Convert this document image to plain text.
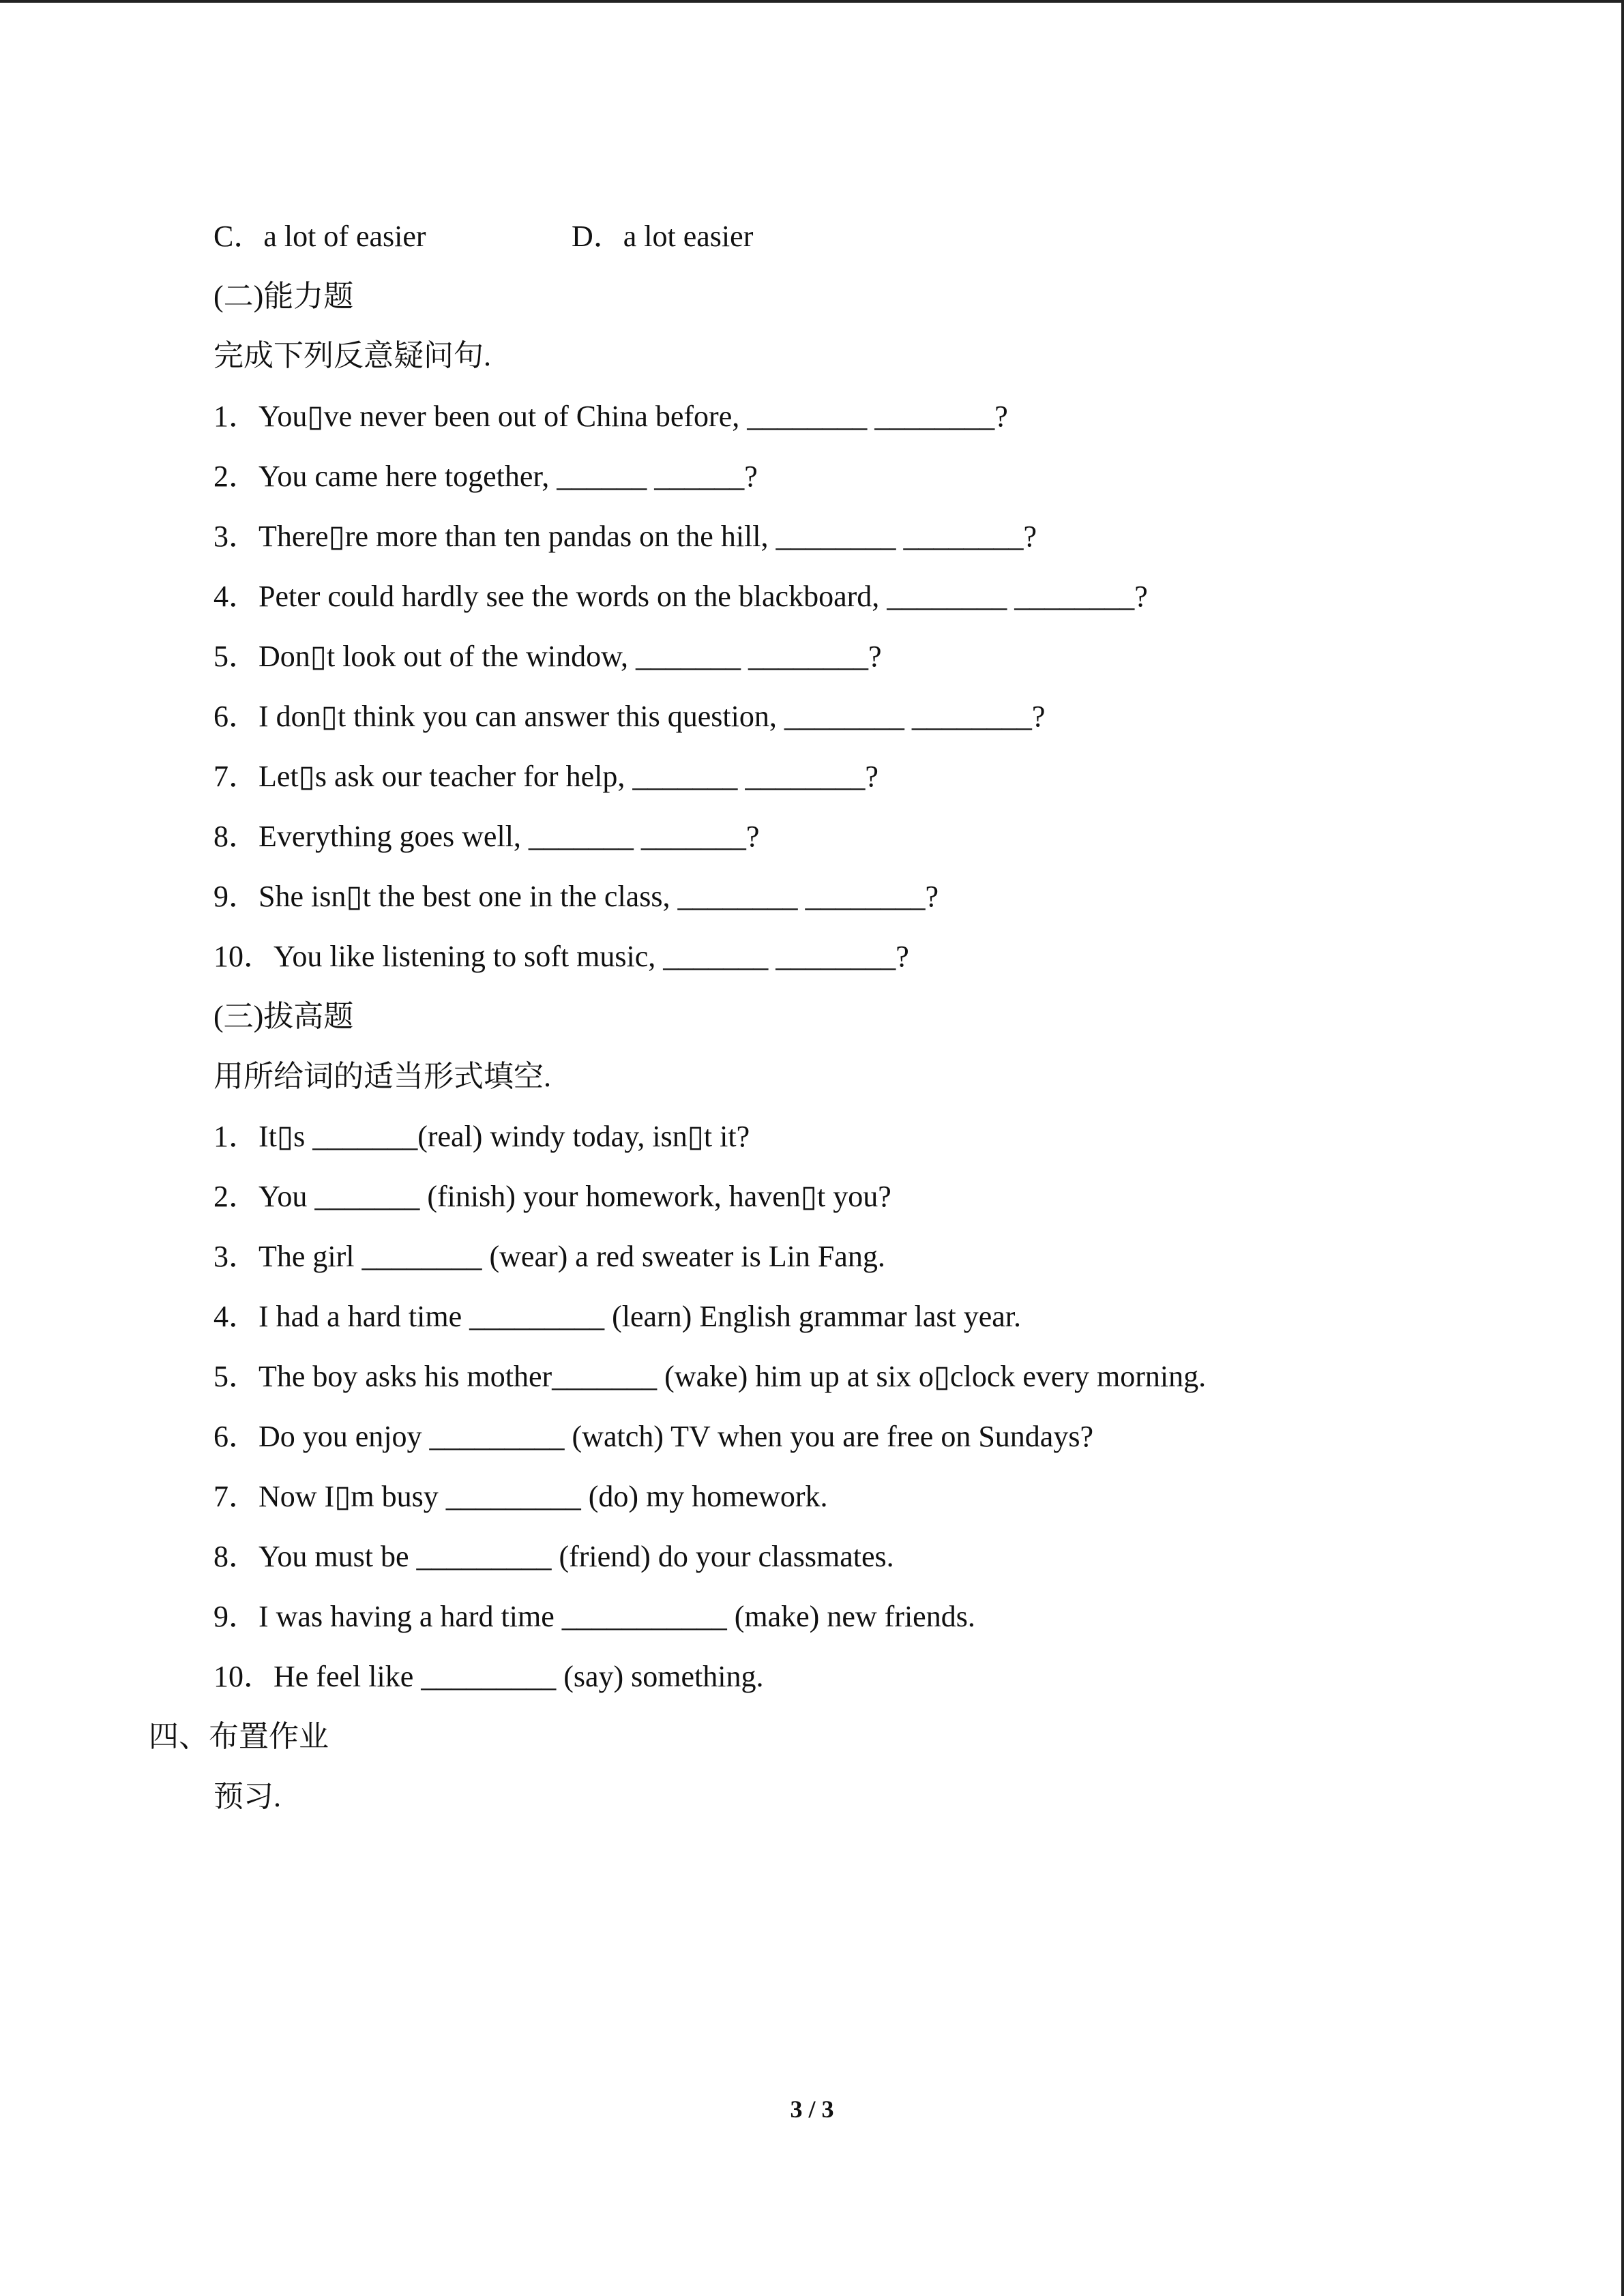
C．a lot of easier	D．a lot easier
(二)能力题
完成下列反意疑问句.
1．You▯ve never been out of China before, ________ ________?
2．You came here together, ______ ______?
3．There▯re more than ten pandas on the hill, ________ ________?
4．Peter could hardly see the words on the blackboard, ________ ________?
5．Don▯t look out of the window, _______ ________?
6．I don▯t think you can answer this question, ________ ________?
7．Let▯s ask our teacher for help, _______ ________?
8．Everything goes well, _______ _______?
9．She isn▯t the best one in the class, ________ ________?
10．You like listening to soft music, _______ ________?
(三)拔高题
用所给词的适当形式填空.
1．It▯s _______(real) windy today, isn▯t it?
2．You _______ (finish) your homework, haven▯t you?
3．The girl ________ (wear) a red sweater is Lin Fang.
4．I had a hard time _________ (learn) English grammar last year.
5．The boy asks his mother_______ (wake) him up at six o▯clock every morning.
6．Do you enjoy _________ (watch) TV when you are free on Sundays?
7．Now I▯m busy _________ (do) my homework.
8．You must be _________ (friend) do your classmates.
9．I was having a hard time ___________ (make) new friends.
10．He feel like _________ (say) something.
四、布置作业
预习.
3 / 3
